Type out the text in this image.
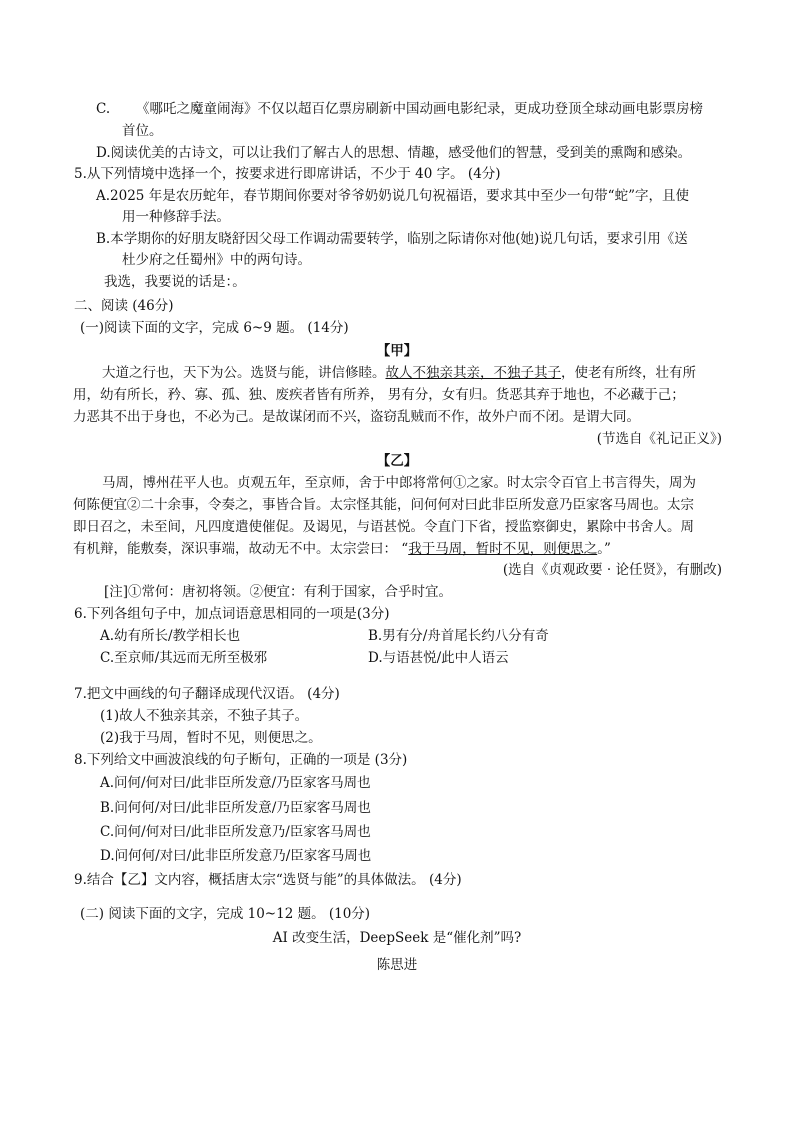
C. 《哪吒之魔童闹海》不仅以超百亿票房刷新中国动画电影纪录，更成功登顶全球动画电影票房榜
首位。
D.阅读优美的古诗文，可以让我们了解古人的思想、情趣，感受他们的智慧，受到美的熏陶和感染。
5.从下列情境中选择一个，按要求进行即席讲话，不少于 40 字。 (4分)
A.2025 年是农历蛇年，春节期间你要对爷爷奶奶说几句祝福语，要求其中至少一句带“蛇”字，且使
用一种修辞手法。
B.本学期你的好朋友晓舒因父母工作调动需要转学，临别之际请你对他(她)说几句话，要求引用《送
杜少府之任蜀州》中的两句诗。
我选，我要说的话是：。
二、阅读 (46分)
(一)阅读下面的文字，完成 6~9 题。 (14分)
【甲】
大道之行也，天下为公。选贤与能，讲信修睦。故人不独亲其亲，不独子其子，使老有所终，壮有所
用，幼有所长，矜、寡、孤、独、废疾者皆有所养， 男有分，女有归。货恶其弃于地也，不必藏于己；
力恶其不出于身也，不必为己。是故谋闭而不兴，盗窃乱贼而不作，故外户而不闭。是谓大同。
(节选自《礼记正义》)
【乙】
马周，博州茌平人也。贞观五年，至京师，舍于中郎将常何①之家。时太宗令百官上书言得失，周为
何陈便宜②二十余事，令奏之，事皆合旨。太宗怪其能，问何何对曰此非臣所发意乃臣家客马周也。太宗
即日召之，未至间，凡四度遣使催促。及谒见，与语甚悦。令直门下省，授监察御史，累除中书舍人。周
有机辩，能敷奏，深识事端，故动无不中。太宗尝曰： “我于马周，暂时不见，则便思之。”
(选自《贞观政要 · 论任贤》，有删改)
[注]①常何：唐初将领。②便宜：有利于国家，合乎时宜。
6.下列各组句子中，加点词语意思相同的一项是(3分)
A.幼有所长/教学相长也	B.男有分/舟首尾长约八分有奇
C.至京师/其远而无所至极邪	D.与语甚悦/此中人语云
7.把文中画线的句子翻译成现代汉语。 (4分)
(1)故人不独亲其亲，不独子其子。
(2)我于马周，暂时不见，则便思之。
8.下列给文中画波浪线的句子断句，正确的一项是 (3分)
A.问何/何对曰/此非臣所发意/乃臣家客马周也
B.问何何/对曰/此非臣所发意/乃臣家客马周也
C.问何/何对曰/此非臣所发意乃/臣家客马周也
D.问何何/对曰/此非臣所发意乃/臣家客马周也
9.结合【乙】文内容，概括唐太宗“选贤与能”的具体做法。 (4分)
(二) 阅读下面的文字，完成 10~12 题。 (10分)
AI 改变生活，DeepSeek 是“催化剂”吗?
陈思进
